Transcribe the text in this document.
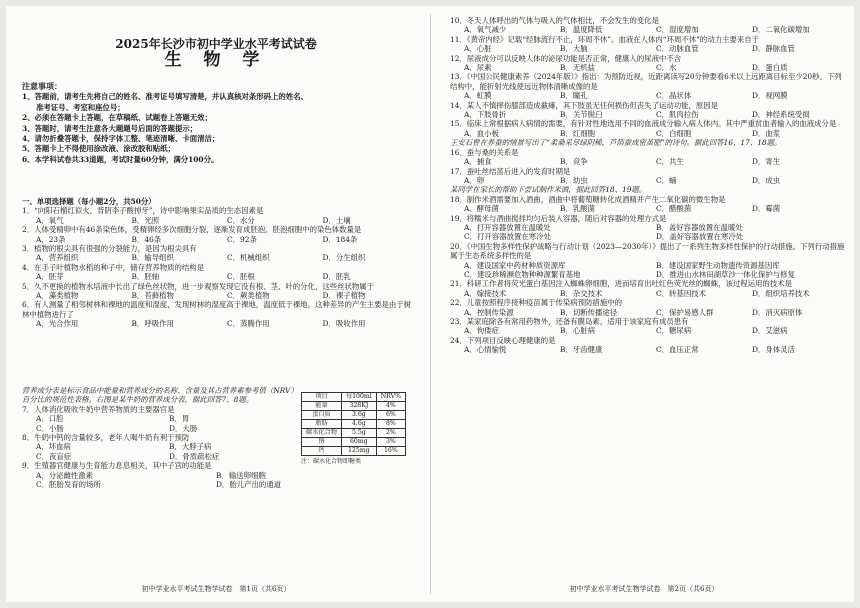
2025年长沙市初中学业水平考试试卷
生 物 学
注意事项：
1、答题前，请考生先将自己的姓名、准考证号填写清楚，并认真核对条形码上的姓名、
准考证号、考室和座位号；
2、必须在答题卡上答题，在草稿纸、试题卷上答题无效；
3、答题时，请考生注意各大题题号后面的答题提示；
4、请勿折叠答题卡，保持字体工整、笔迹清晰、卡面清洁；
5、答题卡上不得使用涂改液、涂改胶和贴纸；
6、本学科试卷共33道题，考试时量60分钟，满分100分。
一、单项选择题（每小题2分，共50分）
1．“向阳石榴红似火，背阴李子酸掉牙”，诗中影响果实品质的生态因素是
A．氧气	B．光照	C．水分	D．土壤
2．人体受精卵中有46条染色体，受精卵经多次细胞分裂，逐渐发育成胚泡。胚泡细胞中的染色体数量是
A．23条	B．46条	C．92条	D．184条
3．植物的根尖具有很强的分裂能力，是因为根尖具有
A．营养组织	B．输导组织	C．机械组织	D．分生组织
4．在手子叶植物水稻的种子中，储存营养物质的结构是
A．胚芽	B．胚轴	C．胚根	D．胚乳
5．久不更换的植物水培液中长出了绿色丝状物，进一步观察发现它没有根、茎、叶的分化，这些丝状物属于
A．藻类植物	B．苔藓植物	C．蕨类植物	D．裸子植物
6．有人测量了相邻树林和裸地的温度和湿度，发现树林的湿度高于裸地，温度低于裸地。这种差异的产生主要是由于树林中植物进行了
A．光合作用	B．呼吸作用	C．蒸腾作用	D．吸收作用
营养成分表是标示食品中能量和营养成分的名称、含量及其占营养素参考值（NRV）百分比的规范性表格。右图是某牛奶的营养成分表，据此回答7、8题。
7．人体消化吸收牛奶中营养物质的主要器官是
A．口腔	B．胃
C．小肠	D．大肠
8．牛奶中钙的含量较多，老年人喝牛奶有利于预防
A．坏血病	B．大脖子病
C．夜盲症	D．骨质疏松症
9．生殖器官健康与生育能力息息相关，其中子宫的功能是
A．分泌雌性激素	B．输送卵细胞
C．胚胎发育的场所	D．胎儿产出的通道
项目	每100ml	NRV%
能量	328KJ	4%
蛋白质	3.6g	6%
脂肪	4.6g	8%
碳水化合物	5.5g	2%
钠	60mg	3%
钙	125mg	16%
注：碳水化合物即糖类
初中学业水平考试生物学试卷　第1页（共6页）
10．冬天人体呼出的气体与吸入的气体相比，不会发生的变化是
A．氧气减少	B．温度降低	C．湿度增加	D．二氧化碳增加
11．《黄帝内经》记载“经脉流行不止，环周不休”。血液在人体内“环周不休”的动力主要来自于
A．心脏	B．大脑	C．动脉血管	D．静脉血管
12．尿液成分可以反映人体的泌尿功能是否正常，健康人的尿液中不含
A．尿素	B．无机盐	C．水	D．蛋白质
13．《中国公民健康素养（2024年版）》指出：为预防近视，近距离读写20分钟要看6米以上远距离目标至少20秒。下列结构中，能折射光线使远近物体清晰成像的是
A．虹膜	B．瞳孔	C．晶状体	D．视网膜
14．某人不慎摔伤膝部造成截瘫，其下肢虽无任何损伤但丧失了运动功能，原因是
A．下肢骨折	B．关节脱臼	C．肌肉拉伤	D．神经系统受损
15．临床上常根据病人病情的需要，有针对性地选用不同的血液成分输入病人体内。其中严重贫血者输入的血液成分是
A．血小板	B．红细胞	C．白细胞	D．血浆
王安石曾在养蚕的情景写出了“柔桑采尽绿阴稀，芦箔蚕成密茧肥”的诗句。据此回答16、17、18题。
16．蚕与桑的关系是
A．捕食	B．竞争	C．共生	D．寄生
17．蚕吐丝结茧后进入的发育时期是
A．卵	B．幼虫	C．蛹	D．成虫
某同学在家长的帮助下尝试制作米酒，据此回答18、19题。
18．制作米酒需要加入酒曲，酒曲中将葡萄糖转化成酒精并产生二氧化碳的微生物是
A．酵母菌	B．乳酸菌	C．醋酸菌	D．霉菌
19．将糯米与酒曲搅拌均匀后装入容器，随后对容器的处理方式是
A．打开容器放置在温暖处	B．盖好容器放置在温暖处
C．打开容器放置在寒冷处	D．盖好容器放置在寒冷处
20．《中国生物多样性保护战略与行动计划（2023—2030年）》提出了一系列生物多样性保护的行动措施。下列行动措施属于生态系统多样性的是
A．建设国家中药材种质资源库	B．建设国家野生动物遗传资源基因库
C．建设珍稀濒危物种种源繁育基地	D．推进山水林田湖草沙一体化保护与修复
21．科研工作者将荧光蛋白基因注入蜘蛛卵细胞，进而培育出吐红色荧光丝的蜘蛛，该过程运用的技术是
A．嫁接技术	B．杂交技术	C．转基因技术	D．组织培养技术
22．儿童按照程序接种疫苗属于传染病预防措施中的
A．控制传染源	B．切断传播途径	C．保护易感人群	D．消灭病原体
23．某家庭除各有常用药物外，还备有膜岛素，适用于该家庭有成员患有
A．佝偻症	B．心脏病	C．糖尿病	D．艾滋病
24．下列项目反映心理健康的是
A．心情愉悦	B．牙齿健康	C．血压正常	D．身体灵活
初中学业水平考试生物学试卷　第2页（共6页）
